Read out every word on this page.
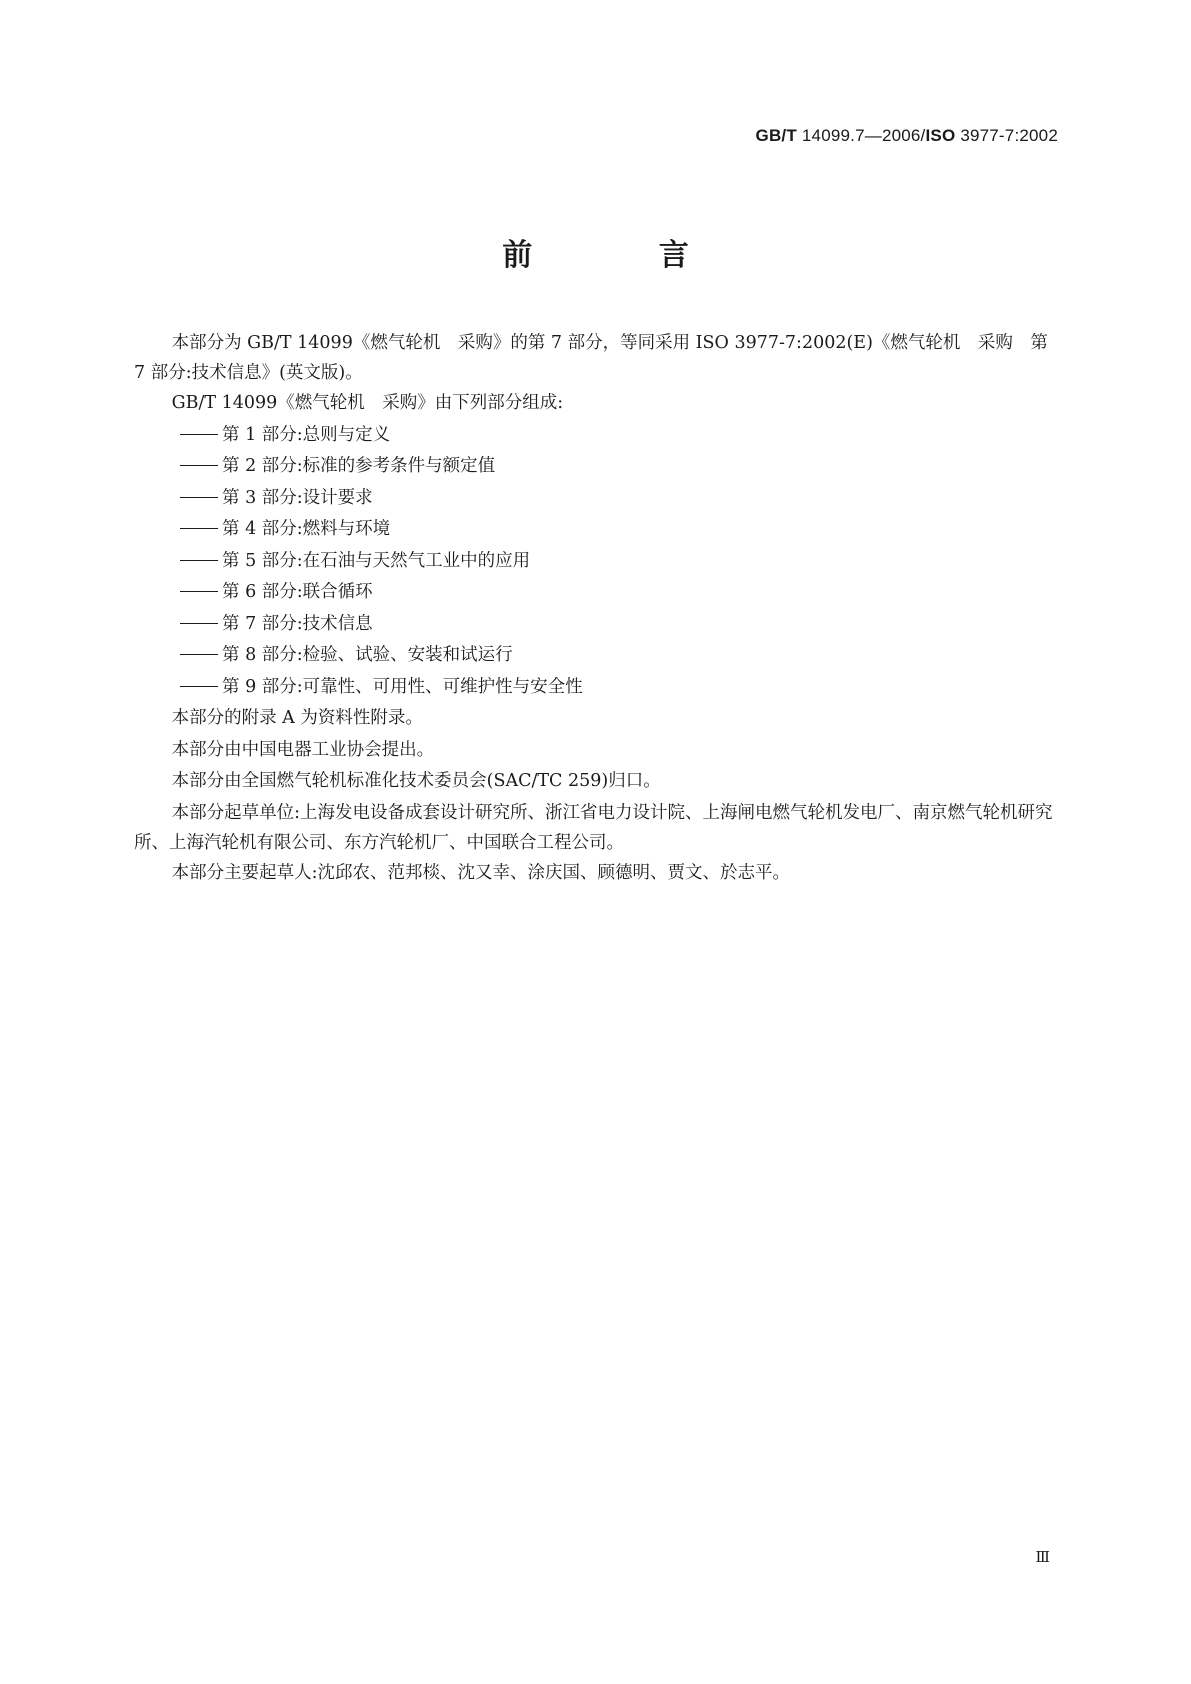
GB/T 14099.7—2006/ISO 3977-7:2002
前 言

本部分为 GB/T 14099《燃气轮机　采购》的第 7 部分，等同采用 ISO 3977-7:2002(E)《燃气轮机　采购　第 7 部分:技术信息》(英文版)。

GB/T 14099《燃气轮机　采购》由下列部分组成:

第 1 部分:总则与定义
第 2 部分:标准的参考条件与额定值
第 3 部分:设计要求
第 4 部分:燃料与环境
第 5 部分:在石油与天然气工业中的应用
第 6 部分:联合循环
第 7 部分:技术信息
第 8 部分:检验、试验、安装和试运行
第 9 部分:可靠性、可用性、可维护性与安全性

本部分的附录 A 为资料性附录。

本部分由中国电器工业协会提出。

本部分由全国燃气轮机标准化技术委员会(SAC/TC 259)归口。

本部分起草单位:上海发电设备成套设计研究所、浙江省电力设计院、上海闸电燃气轮机发电厂、南京燃气轮机研究所、上海汽轮机有限公司、东方汽轮机厂、中国联合工程公司。

本部分主要起草人:沈邱农、范邦棪、沈又幸、涂庆国、顾德明、贾文、於志平。

Ⅲ
